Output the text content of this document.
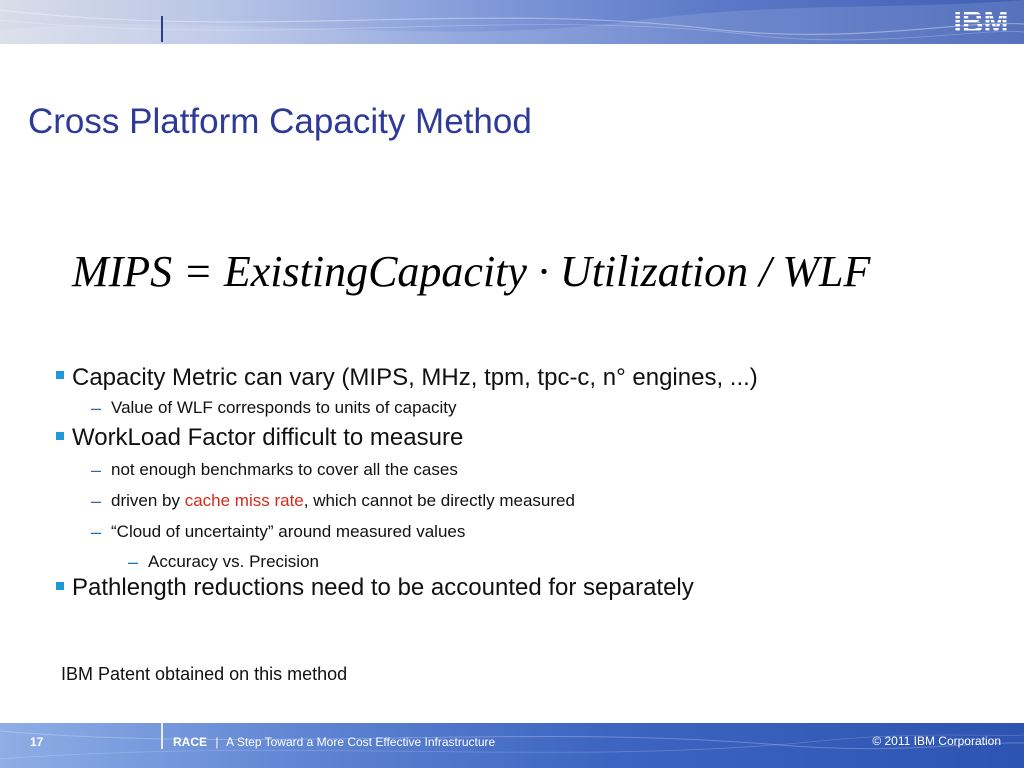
IBM
Cross Platform Capacity Method
MIPS = ExistingCapacity · Utilization / WLF
Capacity Metric can vary (MIPS, MHz, tpm, tpc-c, n° engines, ...)
– Value of WLF corresponds to units of capacity
WorkLoad Factor difficult to measure
– not enough benchmarks to cover all the cases
– driven by cache miss rate, which cannot be directly measured
– “Cloud of uncertainty” around measured values
– Accuracy vs. Precision
Pathlength reductions need to be accounted for separately
IBM Patent obtained on this method
17	RACE | A Step Toward a More Cost Effective Infrastructure	© 2011 IBM Corporation
